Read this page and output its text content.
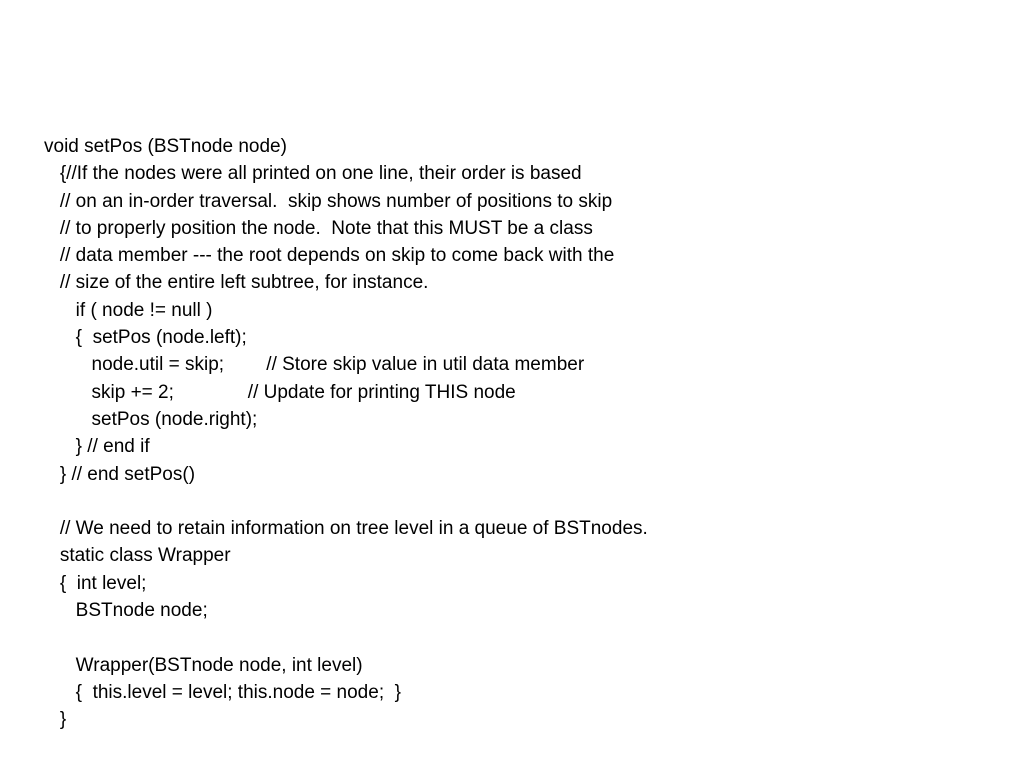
void setPos (BSTnode node)
{//If the nodes were all printed on one line, their order is based
// on an in-order traversal.  skip shows number of positions to skip
// to properly position the node.  Note that this MUST be a class
// data member --- the root depends on skip to come back with the
// size of the entire left subtree, for instance.
if ( node != null )
{  setPos (node.left);
node.util = skip;        // Store skip value in util data member
skip += 2;              // Update for printing THIS node
setPos (node.right);
} // end if
} // end setPos()
// We need to retain information on tree level in a queue of BSTnodes.
static class Wrapper
{  int level;
BSTnode node;
Wrapper(BSTnode node, int level)
{  this.level = level; this.node = node;  }
}
